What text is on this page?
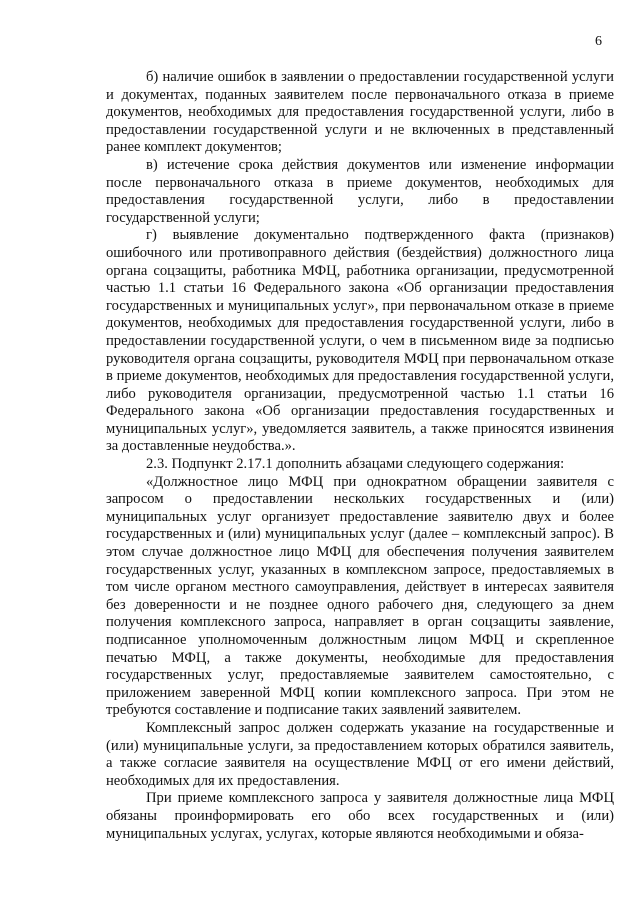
6

б) наличие ошибок в заявлении о предоставлении государственной услуги и документах, поданных заявителем после первоначального отказа в приеме документов, необходимых для предоставления государственной услуги, либо в предоставлении государственной услуги и не включенных в представленный ранее комплект документов;

в) истечение срока действия документов или изменение информации после первоначального отказа в приеме документов, необходимых для предоставления государственной услуги, либо в предоставлении государственной услуги;

г) выявление документально подтвержденного факта (признаков) ошибочного или противоправного действия (бездействия) должностного лица органа соцзащиты, работника МФЦ, работника организации, предусмотренной частью 1.1 статьи 16 Федерального закона «Об организации предоставления государственных и муниципальных услуг», при первоначальном отказе в приеме документов, необходимых для предоставления государственной услуги, либо в предоставлении государственной услуги, о чем в письменном виде за подписью руководителя органа соцзащиты, руководителя МФЦ при первоначальном отказе в приеме документов, необходимых для предоставления государственной услуги, либо руководителя организации, предусмотренной частью 1.1 статьи 16 Федерального закона «Об организации предоставления государственных и муниципальных услуг», уведомляется заявитель, а также приносятся извинения за доставленные неудобства.».

2.3. Подпункт 2.17.1 дополнить абзацами следующего содержания:

«Должностное лицо МФЦ при однократном обращении заявителя с запросом о предоставлении нескольких государственных и (или) муниципальных услуг организует предоставление заявителю двух и более государственных и (или) муниципальных услуг (далее – комплексный запрос). В этом случае должностное лицо МФЦ для обеспечения получения заявителем государственных услуг, указанных в комплексном запросе, предоставляемых в том числе органом местного самоуправления, действует в интересах заявителя без доверенности и не позднее одного рабочего дня, следующего за днем получения комплексного запроса, направляет в орган соцзащиты заявление, подписанное уполномоченным должностным лицом МФЦ и скрепленное печатью МФЦ, а также документы, необходимые для предоставления государственных услуг, предоставляемые заявителем самостоятельно, с приложением заверенной МФЦ копии комплексного запроса. При этом не требуются составление и подписание таких заявлений заявителем.

Комплексный запрос должен содержать указание на государственные и (или) муниципальные услуги, за предоставлением которых обратился заявитель, а также согласие заявителя на осуществление МФЦ от его имени действий, необходимых для их предоставления.

При приеме комплексного запроса у заявителя должностные лица МФЦ обязаны проинформировать его обо всех государственных и (или) муниципальных услугах, услугах, которые являются необходимыми и обяза-
